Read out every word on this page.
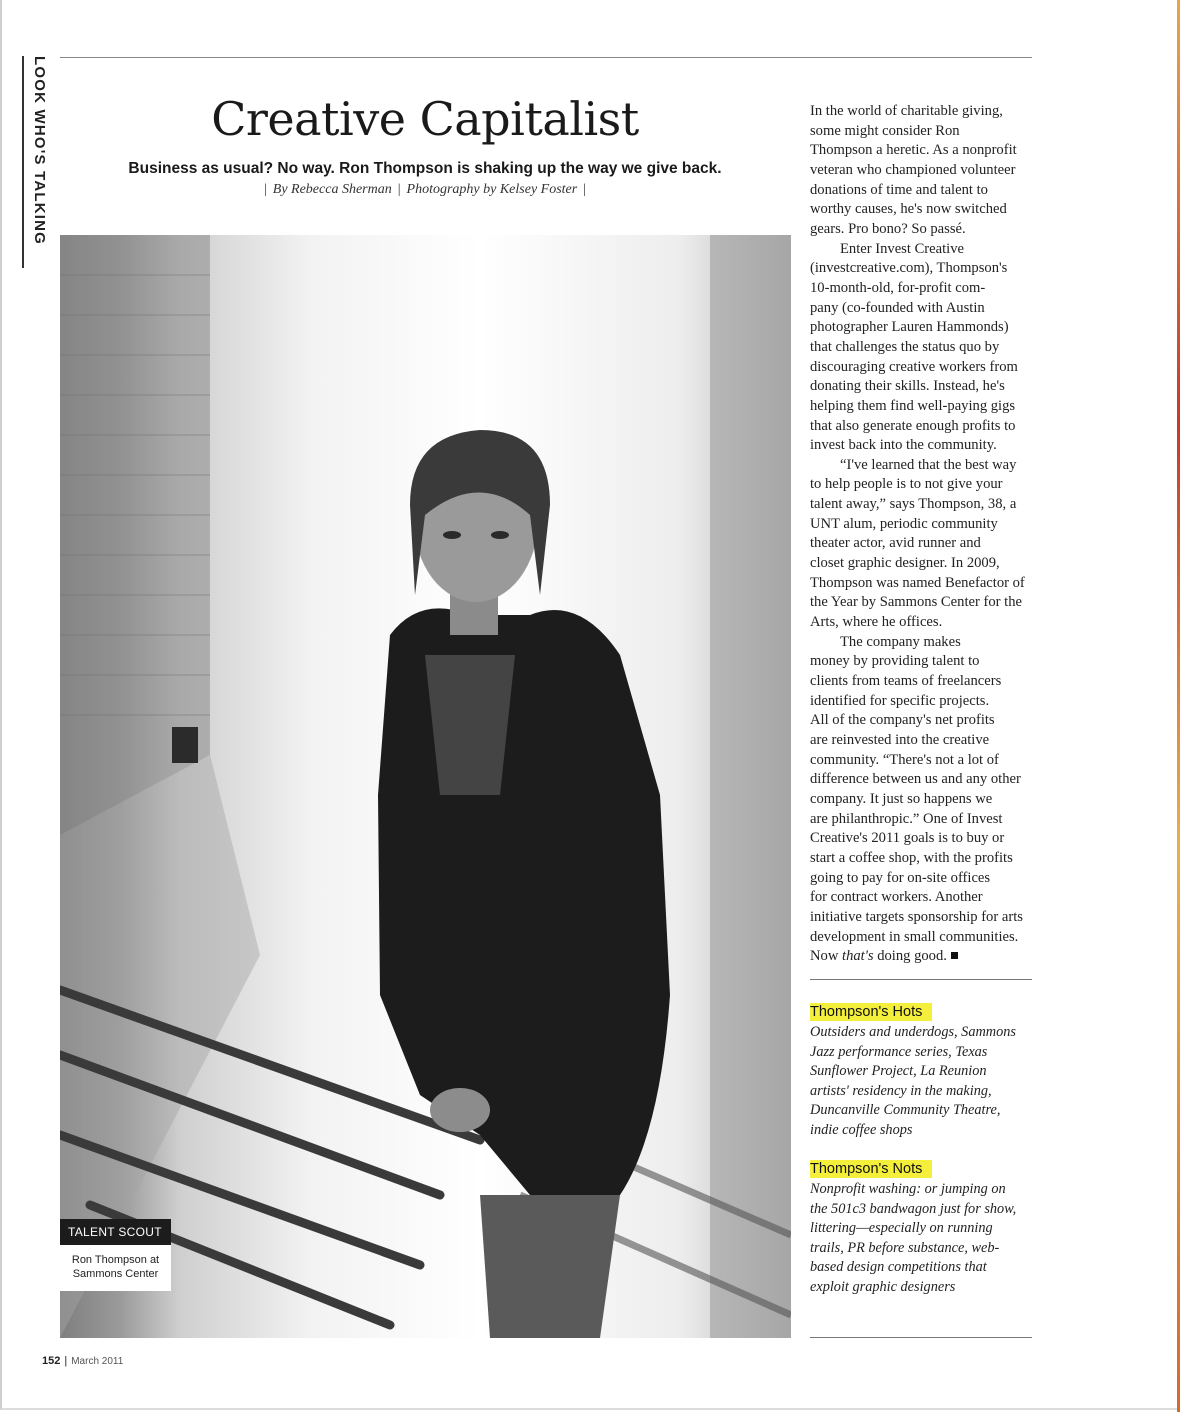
LOOK WHO'S TALKING	Creative Capitalist
Business as usual? No way. Ron Thompson is shaking up the way we give back.
| By Rebecca Sherman | Photography by Kelsey Foster |
TALENT SCOUT
Ron Thompson at
Sammons Center

In the world of charitable giving,
some might consider Ron
Thompson a heretic. As a nonprofit
veteran who championed volunteer
donations of time and talent to
worthy causes, he's now switched
gears. Pro bono? So passé.

Enter Invest Creative
(investcreative.com), Thompson's
10-month-old, for-profit com-
pany (co-founded with Austin
photographer Lauren Hammonds)
that challenges the status quo by
discouraging creative workers from
donating their skills. Instead, he's
helping them find well-paying gigs
that also generate enough profits to
invest back into the community.

“I've learned that the best way
to help people is to not give your
talent away,” says Thompson, 38, a
UNT alum, periodic community
theater actor, avid runner and
closet graphic designer. In 2009,
Thompson was named Benefactor of
the Year by Sammons Center for the
Arts, where he offices.

The company makes
money by providing talent to
clients from teams of freelancers
identified for specific projects.
All of the company's net profits
are reinvested into the creative
community. “There's not a lot of
difference between us and any other
company. It just so happens we
are philanthropic.” One of Invest
Creative's 2011 goals is to buy or
start a coffee shop, with the profits
going to pay for on-site offices
for contract workers. Another
initiative targets sponsorship for arts
development in small communities.
Now that's doing good.

Thompson's Hots
Outsiders and underdogs, Sammons
Jazz performance series, Texas
Sunflower Project, La Reunion
artists' residency in the making,
Duncanville Community Theatre,
indie coffee shops
Thompson's Nots
Nonprofit washing: or jumping on
the 501c3 bandwagon just for show,
littering—especially on running
trails, PR before substance, web-
based design competitions that
exploit graphic designers
152 | March 2011
